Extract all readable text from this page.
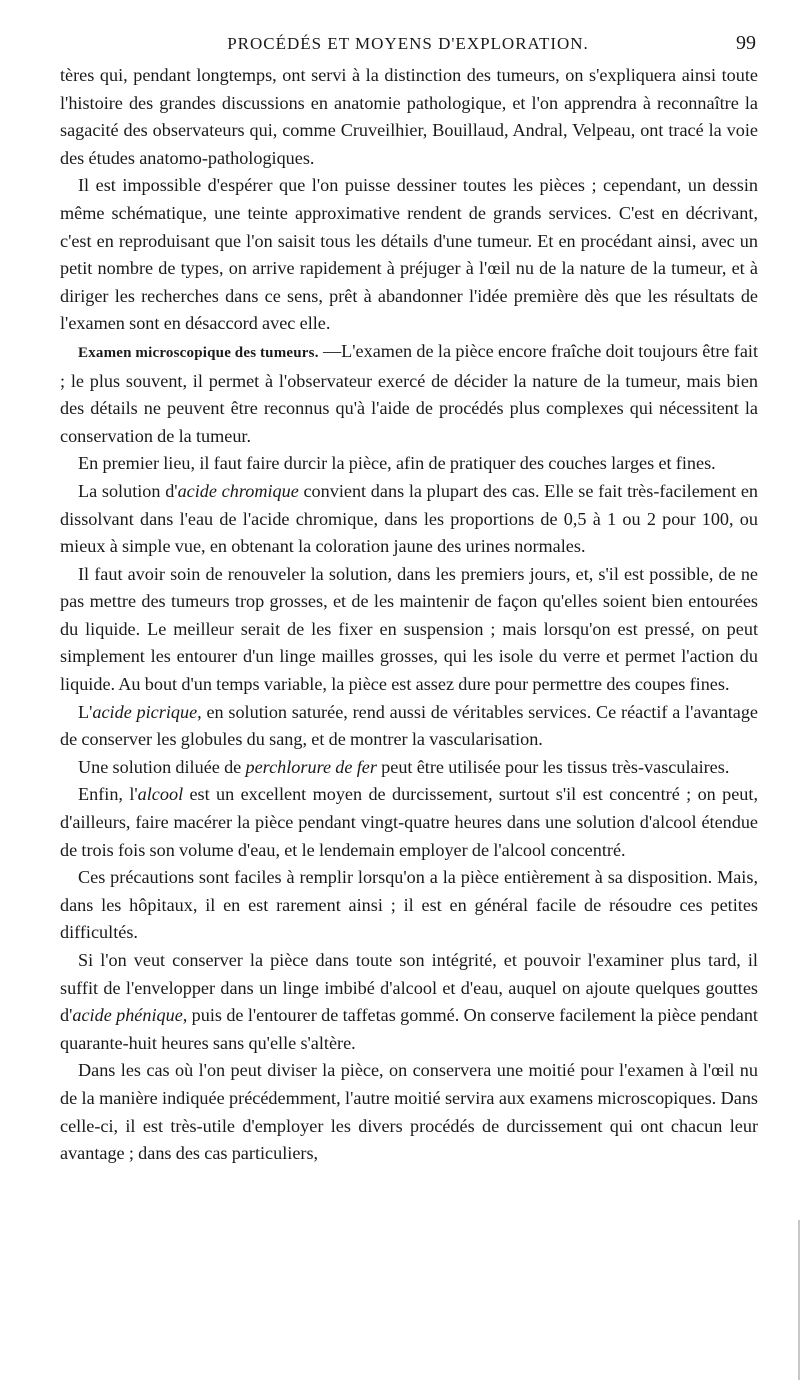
PROCÉDÉS ET MOYENS D'EXPLORATION.	99

tères qui, pendant longtemps, ont servi à la distinction des tumeurs, on s'expliquera ainsi toute l'histoire des grandes discussions en anatomie pathologique, et l'on apprendra à reconnaître la sagacité des observateurs qui, comme Cruveilhier, Bouillaud, Andral, Velpeau, ont tracé la voie des études anatomo-pathologiques.

Il est impossible d'espérer que l'on puisse dessiner toutes les pièces ; cependant, un dessin même schématique, une teinte approximative rendent de grands services. C'est en décrivant, c'est en reproduisant que l'on saisit tous les détails d'une tumeur. Et en procédant ainsi, avec un petit nombre de types, on arrive rapidement à préjuger à l'œil nu de la nature de la tumeur, et à diriger les recherches dans ce sens, prêt à abandonner l'idée première dès que les résultats de l'examen sont en désaccord avec elle.

Examen microscopique des tumeurs. —L'examen de la pièce encore fraîche doit toujours être fait ; le plus souvent, il permet à l'observateur exercé de décider la nature de la tumeur, mais bien des détails ne peuvent être reconnus qu'à l'aide de procédés plus complexes qui nécessitent la conservation de la tumeur.

En premier lieu, il faut faire durcir la pièce, afin de pratiquer des couches larges et fines.

La solution d'acide chromique convient dans la plupart des cas. Elle se fait très-facilement en dissolvant dans l'eau de l'acide chromique, dans les proportions de 0,5 à 1 ou 2 pour 100, ou mieux à simple vue, en obtenant la coloration jaune des urines normales.

Il faut avoir soin de renouveler la solution, dans les premiers jours, et, s'il est possible, de ne pas mettre des tumeurs trop grosses, et de les maintenir de façon qu'elles soient bien entourées du liquide. Le meilleur serait de les fixer en suspension ; mais lorsqu'on est pressé, on peut simplement les entourer d'un linge mailles grosses, qui les isole du verre et permet l'action du liquide. Au bout d'un temps variable, la pièce est assez dure pour permettre des coupes fines.

L'acide picrique, en solution saturée, rend aussi de véritables services. Ce réactif a l'avantage de conserver les globules du sang, et de montrer la vascularisation.

Une solution diluée de perchlorure de fer peut être utilisée pour les tissus très-vasculaires.

Enfin, l'alcool est un excellent moyen de durcissement, surtout s'il est concentré ; on peut, d'ailleurs, faire macérer la pièce pendant vingt-quatre heures dans une solution d'alcool étendue de trois fois son volume d'eau, et le lendemain employer de l'alcool concentré.

Ces précautions sont faciles à remplir lorsqu'on a la pièce entièrement à sa disposition. Mais, dans les hôpitaux, il en est rarement ainsi ; il est en général facile de résoudre ces petites difficultés.

Si l'on veut conserver la pièce dans toute son intégrité, et pouvoir l'examiner plus tard, il suffit de l'envelopper dans un linge imbibé d'alcool et d'eau, auquel on ajoute quelques gouttes d'acide phénique, puis de l'entourer de taffetas gommé. On conserve facilement la pièce pendant quarante-huit heures sans qu'elle s'altère.

Dans les cas où l'on peut diviser la pièce, on conservera une moitié pour l'examen à l'œil nu de la manière indiquée précédemment, l'autre moitié servira aux examens microscopiques. Dans celle-ci, il est très-utile d'employer les divers procédés de durcissement qui ont chacun leur avantage ; dans des cas particuliers,
